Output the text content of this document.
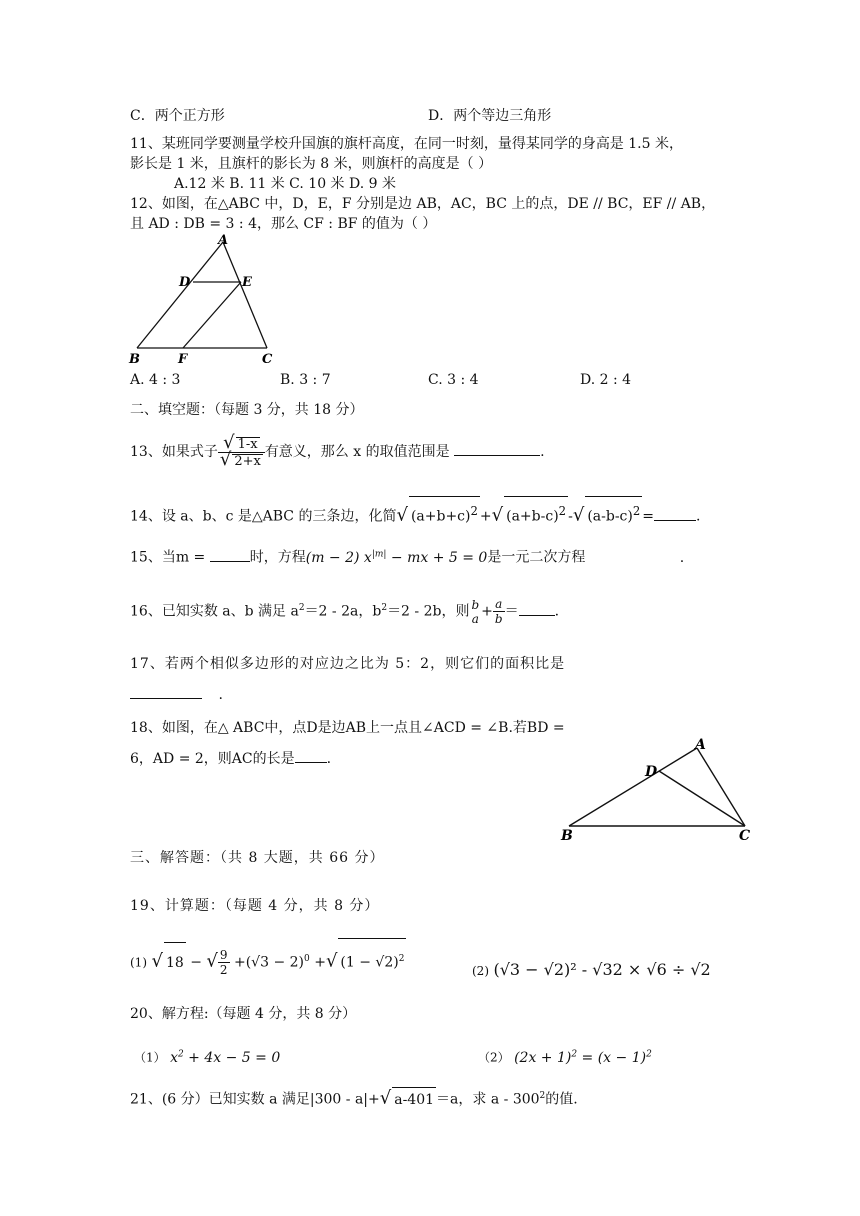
C．两个正方形	D．两个等边三角形
11、某班同学要测量学校升国旗的旗杆高度，在同一时刻，量得某同学的身高是 1.5 米，
影长是 1 米，且旗杆的影长为 8 米，则旗杆的高度是（ ）
A.12 米 B. 11 米 C. 10 米 D. 9 米
12、如图，在△ABC 中，D，E，F 分别是边 AB，AC，BC 上的点，DE // BC，EF // AB，
且 AD : DB = 3 : 4，那么 CF : BF 的值为（ ）
A
D	E
B	F	C
A. 4 : 3	B. 3 : 7	C. 3 : 4	D. 2 : 4
二、填空题：（每题 3 分，共 18 分）
13、如果式子 $\frac{√ 1-x}{√ 2+x}$ 有意义，那么 x 的取值范围是	.
14、设 a、b、c 是△ABC 的三条边，化简√ $(a+b+c)^2$ +√ $(a+b-c)^2$ -√ $(a-b-c)^2$ =	.
15、当m =	时，方程(m − 2) $x^{|m|}$ − mx + 5 = 0是一元二次方程	.
16、已知实数 a、b 满足 $a^2=2 - 2a$，$b^2=2 - 2b$，则 b
$a + \frac{a}{b}$ ＝	.
17、若两个相似多边形的对应边之比为 5：2，则它们的面积比是
.
18、如图，在△ ABC中，点D是边AB上一点且∠ACD = ∠B.若BD =
6，AD = 2，则AC的长是 .
A
D
B	C
三、解答题：（共 8 大题，共 66 分）
19、计算题：（每题 4 分，共 8 分）
(1) √ 18 − √ $\frac{9}{2} +(√3 - 2)^0$ +√ $(1 - √2)^2$
(2) (√3 − √2)² - √32 × √6 ÷ √2
20、解方程:（每题 4 分，共 8 分）
（1） $x^2 + 4x - 5 = 0$	（2） $(2x + 1)^2 = (x - 1)^2$
21、(6 分）已知实数 a 满足|300 - a|+√ a-401 ＝a，求 a - $300^2$的值.
